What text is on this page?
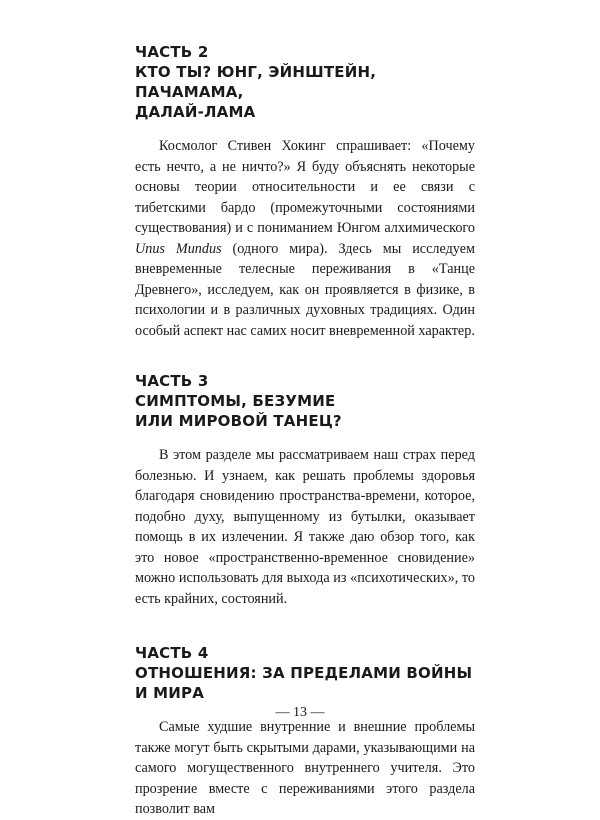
ЧАСТЬ 2

КТО ТЫ? ЮНГ, ЭЙНШТЕЙН, ПАЧАМАМА,
ДАЛАЙ-ЛАМА

Космолог Стивен Хокинг спрашивает: «Почему есть нечто, а не ничто?» Я буду объяснять некоторые основы теории относительности и ее связи с тибетскими бардо (промежуточными состояниями существования) и с пониманием Юнгом алхимического Unus Mundus (одного мира). Здесь мы исследуем вневременные телесные переживания в «Танце Древнего», исследуем, как он проявляется в физике, в психологии и в различных духовных традициях. Один особый аспект нас самих носит вневременной характер.

ЧАСТЬ 3

СИМПТОМЫ, БЕЗУМИЕ
ИЛИ МИРОВОЙ ТАНЕЦ?

В этом разделе мы рассматриваем наш страх перед болезнью. И узнаем, как решать проблемы здоровья благодаря сновидению пространства-времени, которое, подобно духу, выпущенному из бутылки, оказывает помощь в их излечении. Я также даю обзор того, как это новое «пространственно-временное сновидение» можно использовать для выхода из «психотических», то есть крайних, состояний.

ЧАСТЬ 4

ОТНОШЕНИЯ: ЗА ПРЕДЕЛАМИ ВОЙНЫ
И МИРА

Самые худшие внутренние и внешние проблемы также могут быть скрытыми дарами, указывающими на самого могущественного внутреннего учителя. Это прозрение вместе с переживаниями этого раздела позволит вам

— 13 —
